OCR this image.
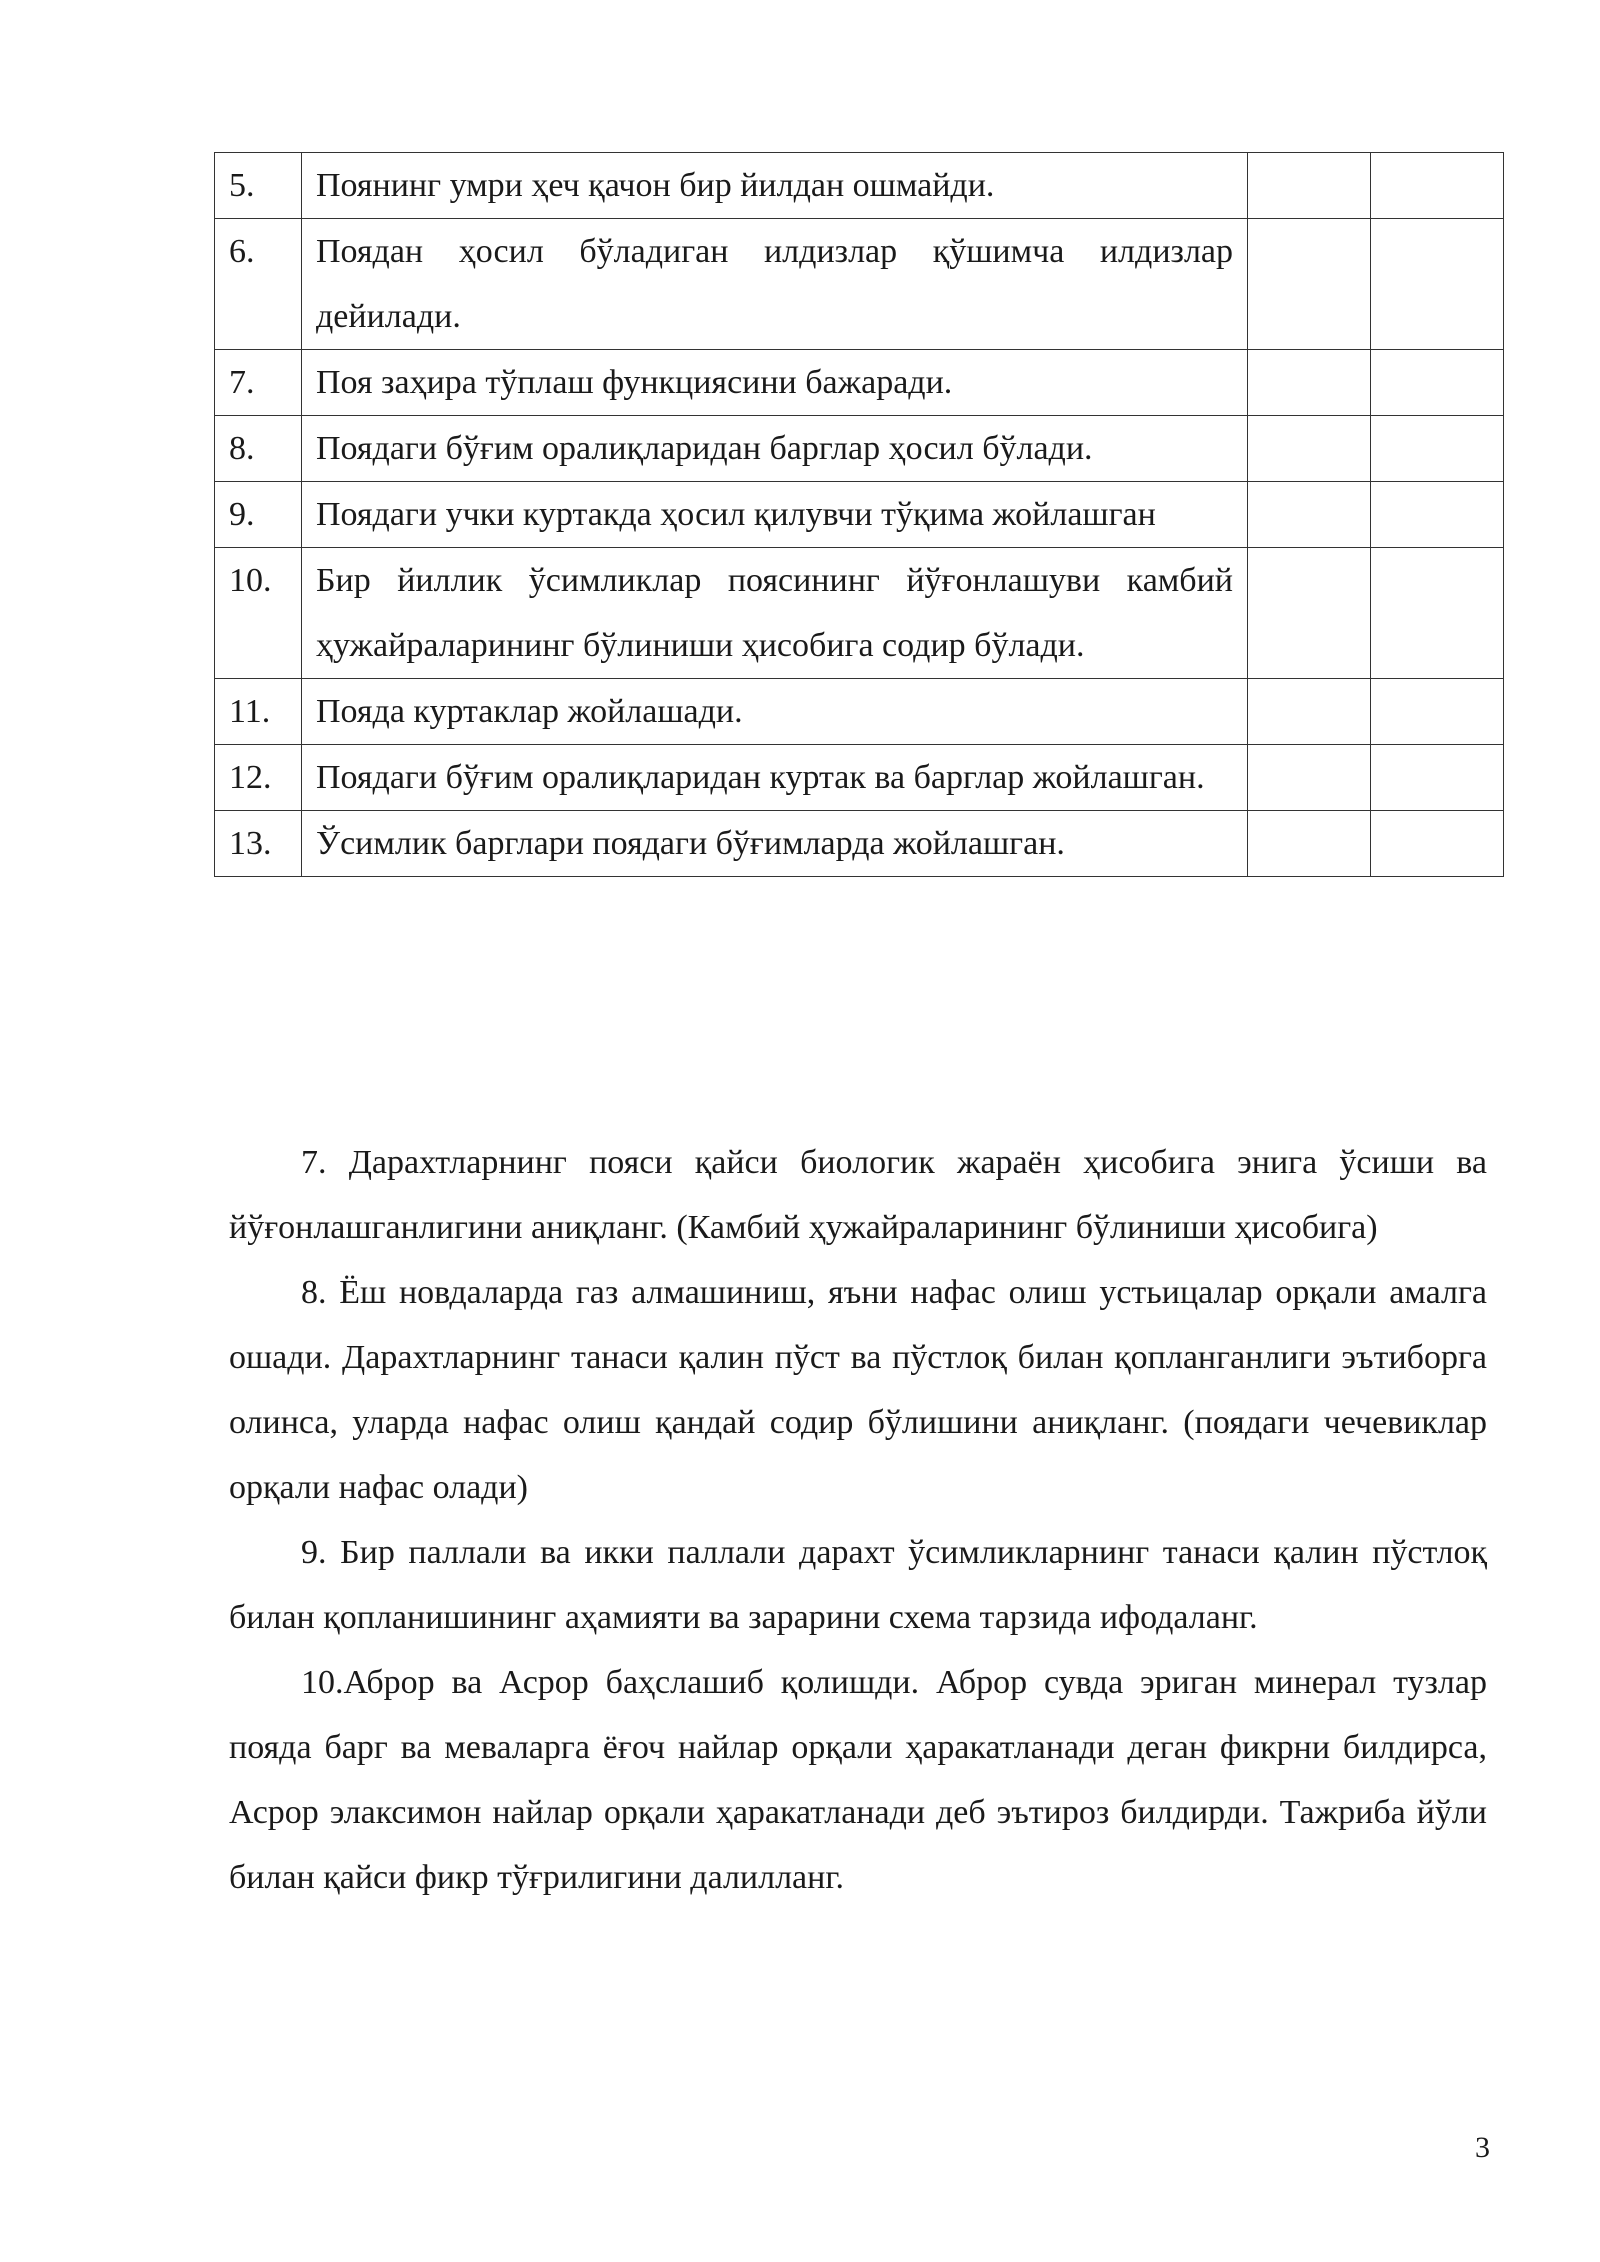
5.	Поянинг умри ҳеч қачон бир йилдан ошмайди.		
6.	Поядан ҳосил бўладиган илдизлар қўшимча илдизлар дейилади.		
7.	Поя заҳира тўплаш функциясини бажаради.		
8.	Поядаги бўғим оралиқларидан барглар ҳосил бўлади.		
9.	Поядаги учки куртакда ҳосил қилувчи тўқима жойлашган		
10.	Бир йиллик ўсимликлар поясининг йўғонлашуви камбий ҳужайраларининг бўлиниши ҳисобига содир бўлади.		
11.	Пояда куртаклар жойлашади.		
12.	Поядаги бўғим оралиқларидан куртак ва барглар жойлашган.		
13.	Ўсимлик барглари поядаги бўғимларда жойлашган.		

7. Дарахтларнинг пояси қайси биологик жараён ҳисобига энига ўсиши ва йўғонлашганлигини аниқланг. (Камбий ҳужайраларининг бўлиниши ҳисобига)

8. Ёш новдаларда газ алмашиниш, яъни нафас олиш устьицалар орқали амалга ошади. Дарахтларнинг танаси қалин пўст ва пўстлоқ билан қопланганлиги эътиборга олинса, уларда нафас олиш қандай содир бўлишини аниқланг. (поядаги чечевиклар орқали нафас олади)

9. Бир паллали ва икки паллали дарахт ўсимликларнинг танаси қалин пўстлоқ билан қопланишининг аҳамияти ва зарарини схема тарзида ифодаланг.

10.Аброр ва Асрор баҳслашиб қолишди. Аброр сувда эриган минерал тузлар пояда барг ва меваларга ёғоч найлар орқали ҳаракатланади деган фикрни билдирса, Асрор элаксимон найлар орқали ҳаракатланади деб эътироз билдирди. Тажриба йўли билан қайси фикр тўғрилигини далилланг.

3
